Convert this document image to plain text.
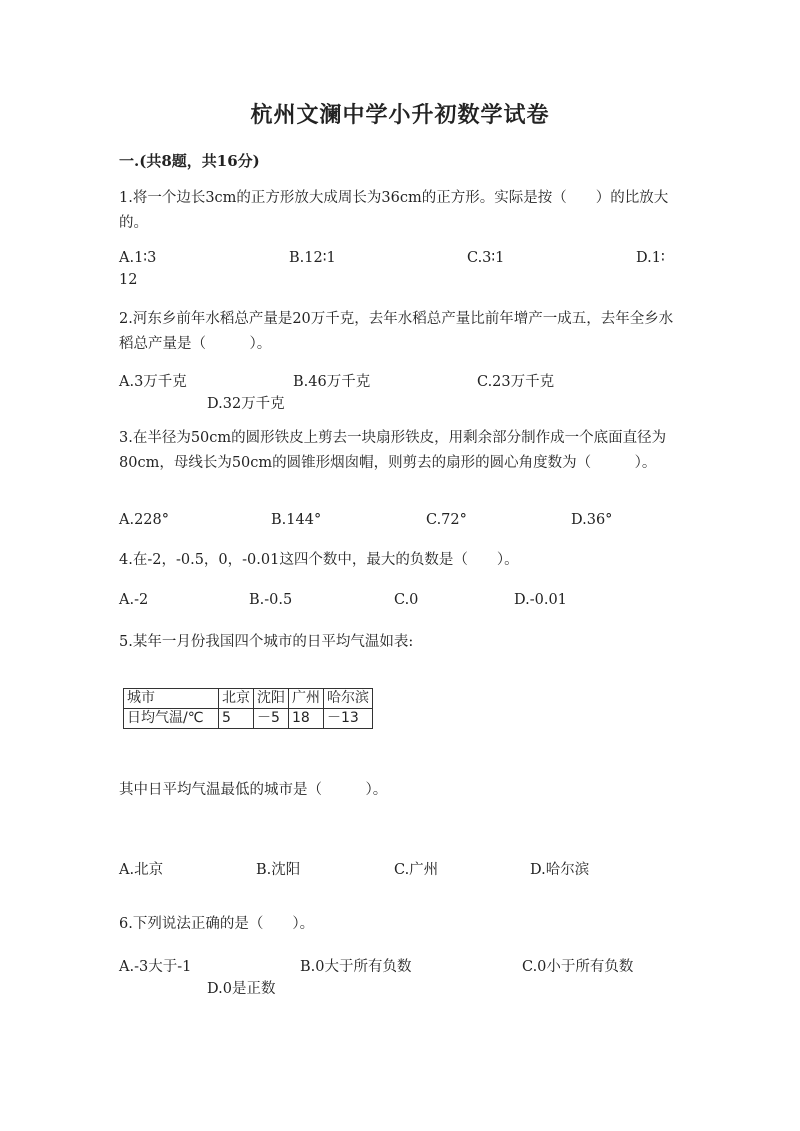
杭州文澜中学小升初数学试卷
一.(共8题，共16分)
1.将一个边长3cm的正方形放大成周长为36cm的正方形。实际是按（　　）的比放大的。
A.1∶3	B.12∶1	C.3∶1	D.1∶
12
2.河东乡前年水稻总产量是20万千克，去年水稻总产量比前年增产一成五，去年全乡水稻总产量是（　　　）。
A.3万千克	B.46万千克	C.23万千克
D.32万千克
3.在半径为50cm的圆形铁皮上剪去一块扇形铁皮，用剩余部分制作成一个底面直径为80cm，母线长为50cm的圆锥形烟囱帽，则剪去的扇形的圆心角度数为（　　　）。
A.228°	B.144°	C.72°	D.36°
4.在-2，-0.5，0，-0.01这四个数中，最大的负数是（　　）。
A.-2	B.-0.5	C.0	D.-0.01
5.某年一月份我国四个城市的日平均气温如表:
城市	北京	沈阳	广州	哈尔滨
日均气温/℃	5	－5	18	－13
其中日平均气温最低的城市是（　　　）。
A.北京	B.沈阳	C.广州	D.哈尔滨
6.下列说法正确的是（　　）。
A.-3大于-1	B.0大于所有负数	C.0小于所有负数
D.0是正数
